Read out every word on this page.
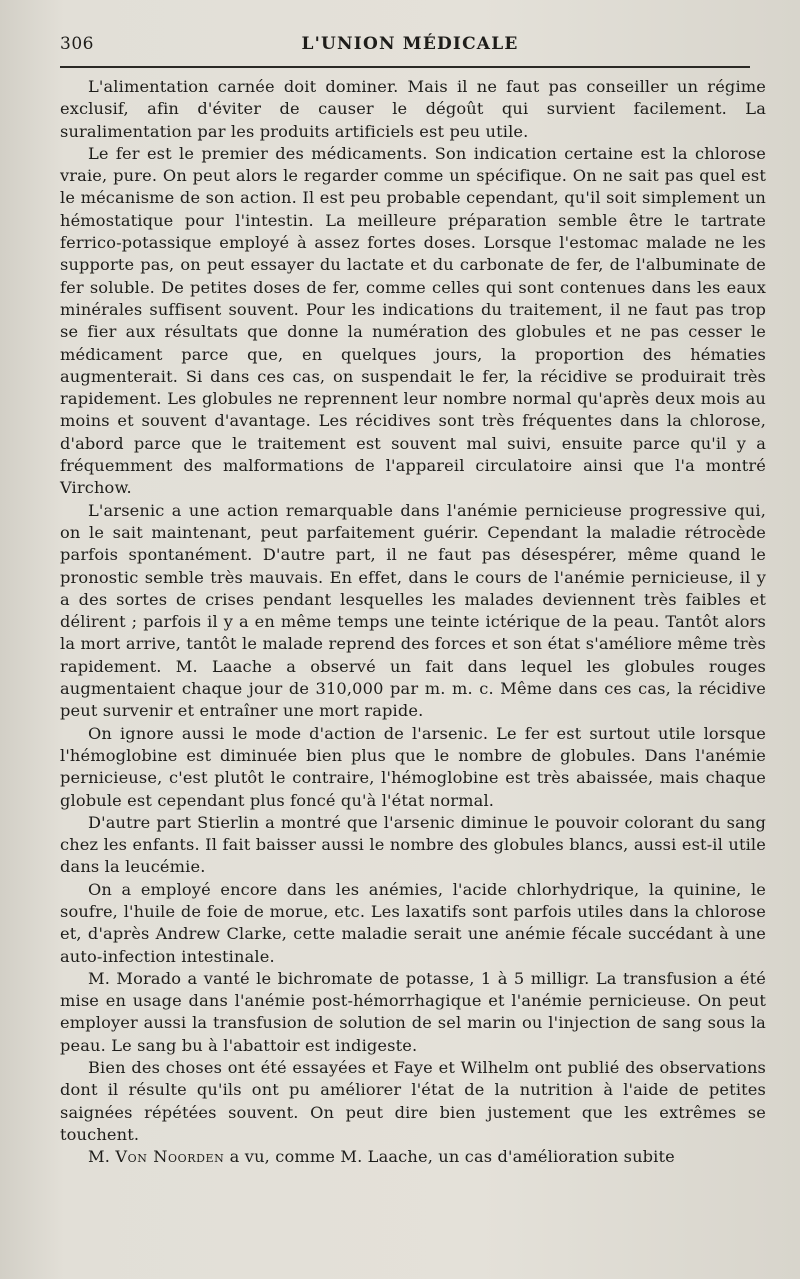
306	L'UNION MÉDICALE

L'alimentation carnée doit dominer. Mais il ne faut pas conseiller un régime exclusif, afin d'éviter de causer le dégoût qui survient facilement. La suralimentation par les produits artificiels est peu utile.

Le fer est le premier des médicaments. Son indication certaine est la chlorose vraie, pure. On peut alors le regarder comme un spécifique. On ne sait pas quel est le mécanisme de son action. Il est peu probable cependant, qu'il soit simplement un hémostatique pour l'intestin. La meilleure préparation semble être le tartrate ferrico-potassique employé à assez fortes doses. Lorsque l'estomac malade ne les supporte pas, on peut essayer du lactate et du carbonate de fer, de l'albuminate de fer soluble. De petites doses de fer, comme celles qui sont contenues dans les eaux minérales suffisent souvent. Pour les indications du traitement, il ne faut pas trop se fier aux résultats que donne la numération des globules et ne pas cesser le médicament parce que, en quelques jours, la proportion des hématies augmenterait. Si dans ces cas, on suspendait le fer, la récidive se produirait très rapidement. Les globules ne reprennent leur nombre normal qu'après deux mois au moins et souvent d'avantage. Les récidives sont très fréquentes dans la chlorose, d'abord parce que le traitement est souvent mal suivi, ensuite parce qu'il y a fréquemment des malformations de l'appareil circulatoire ainsi que l'a montré Virchow.

L'arsenic a une action remarquable dans l'anémie pernicieuse progressive qui, on le sait maintenant, peut parfaitement guérir. Cependant la maladie rétrocède parfois spontanément. D'autre part, il ne faut pas désespérer, même quand le pronostic semble très mauvais. En effet, dans le cours de l'anémie pernicieuse, il y a des sortes de crises pendant lesquelles les malades deviennent très faibles et délirent ; parfois il y a en même temps une teinte ictérique de la peau. Tantôt alors la mort arrive, tantôt le malade reprend des forces et son état s'améliore même très rapidement. M. Laache a observé un fait dans lequel les globules rouges augmentaient chaque jour de 310,000 par m. m. c. Même dans ces cas, la récidive peut survenir et entraîner une mort rapide.

On ignore aussi le mode d'action de l'arsenic. Le fer est surtout utile lorsque l'hémoglobine est diminuée bien plus que le nombre de globules. Dans l'anémie pernicieuse, c'est plutôt le contraire, l'hémoglobine est très abaissée, mais chaque globule est cependant plus foncé qu'à l'état normal.

D'autre part Stierlin a montré que l'arsenic diminue le pouvoir colorant du sang chez les enfants. Il fait baisser aussi le nombre des globules blancs, aussi est-il utile dans la leucémie.

On a employé encore dans les anémies, l'acide chlorhydrique, la quinine, le soufre, l'huile de foie de morue, etc. Les laxatifs sont parfois utiles dans la chlorose et, d'après Andrew Clarke, cette maladie serait une anémie fécale succédant à une auto-infection intestinale.

M. Morado a vanté le bichromate de potasse, 1 à 5 milligr. La transfusion a été mise en usage dans l'anémie post-hémorrhagique et l'anémie pernicieuse. On peut employer aussi la transfusion de solution de sel marin ou l'injection de sang sous la peau. Le sang bu à l'abattoir est indigeste.

Bien des choses ont été essayées et Faye et Wilhelm ont publié des observations dont il résulte qu'ils ont pu améliorer l'état de la nutrition à l'aide de petites saignées répétées souvent. On peut dire bien justement que les extrêmes se touchent.

M. Von Noorden a vu, comme M. Laache, un cas d'amélioration subite
